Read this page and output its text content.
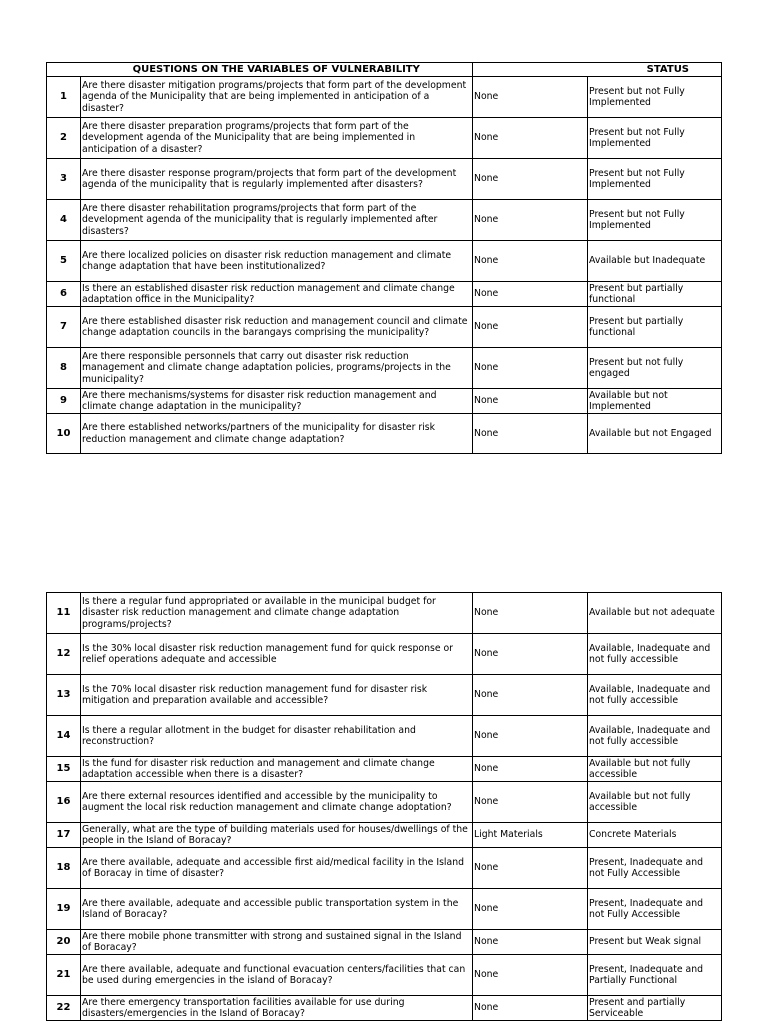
	QUESTIONS ON THE VARIABLES OF VULNERABILITY	STATUS	
1	Are there disaster mitigation programs/projects that form part of the development agenda of the Municipality that are being implemented in anticipation of a disaster?	None	Present but not Fully Implemented
2	Are there disaster preparation programs/projects that form part of the development agenda of the Municipality that are being implemented in anticipation of a disaster?	None	Present but not Fully Implemented
3	Are there disaster response program/projects that form part of the development agenda of the municipality that is regularly implemented after disasters?	None	Present but not Fully Implemented
4	Are there disaster rehabilitation programs/projects that form part of the development agenda of the municipality that is regularly implemented after disasters?	None	Present but not Fully Implemented
5	Are there localized policies on disaster risk reduction management and climate change adaptation that have been institutionalized?	None	Available but Inadequate
6	Is there an established disaster risk reduction management and climate change adaptation office in the Municipality?	None	Present but partially functional
7	Are there established disaster risk reduction and management council and climate change adaptation councils in the barangays comprising the municipality?	None	Present but partially functional
8	Are there responsible personnels that carry out disaster risk reduction management and climate change adaptation policies, programs/projects in the municipality?	None	Present but not fully engaged
9	Are there mechanisms/systems for disaster risk reduction management and climate change adaptation in the municipality?	None	Available but not Implemented
10	Are there established networks/partners of the municipality for disaster risk reduction management and climate change adaptation?	None	Available but not Engaged
11	Is there a regular fund appropriated or available in the municipal budget for disaster risk reduction management and climate change adaptation programs/projects?	None	Available but not adequate
12	Is the 30% local disaster risk reduction management fund for quick response or relief operations adequate and accessible	None	Available, Inadequate and not fully accessible
13	Is the 70% local disaster risk reduction management fund for disaster risk mitigation and preparation available and accessible?	None	Available, Inadequate and not fully accessible
14	Is there a regular allotment in the budget for disaster rehabilitation and reconstruction?	None	Available, Inadequate and not fully accessible
15	Is the fund for disaster risk reduction and management and climate change adaptation accessible when there is a disaster?	None	Available but not fully accessible
16	Are there external resources identified and accessible by the municipality to augment the local risk reduction management and climate change adoptation?	None	Available but not fully accessible
17	Generally, what are the type of building materials used for houses/dwellings of the people in the Island of Boracay?	Light Materials	Concrete Materials
18	Are there available, adequate and accessible first aid/medical facility in the Island of Boracay in time of disaster?	None	Present, Inadequate and not Fully Accessible
19	Are there available, adequate and accessible public transportation system in the Island of Boracay?	None	Present, Inadequate and not Fully Accessible
20	Are there mobile phone transmitter with strong and sustained signal in the Island of Boracay?	None	Present but Weak signal
21	Are there available, adequate and functional evacuation centers/facilities that can be used during emergencies in the island of Boracay?	None	Present, Inadequate and Partially Functional
22	Are there emergency transportation facilities available for use during disasters/emergencies in the Island of Boracay?	None	Present and partially Serviceable
